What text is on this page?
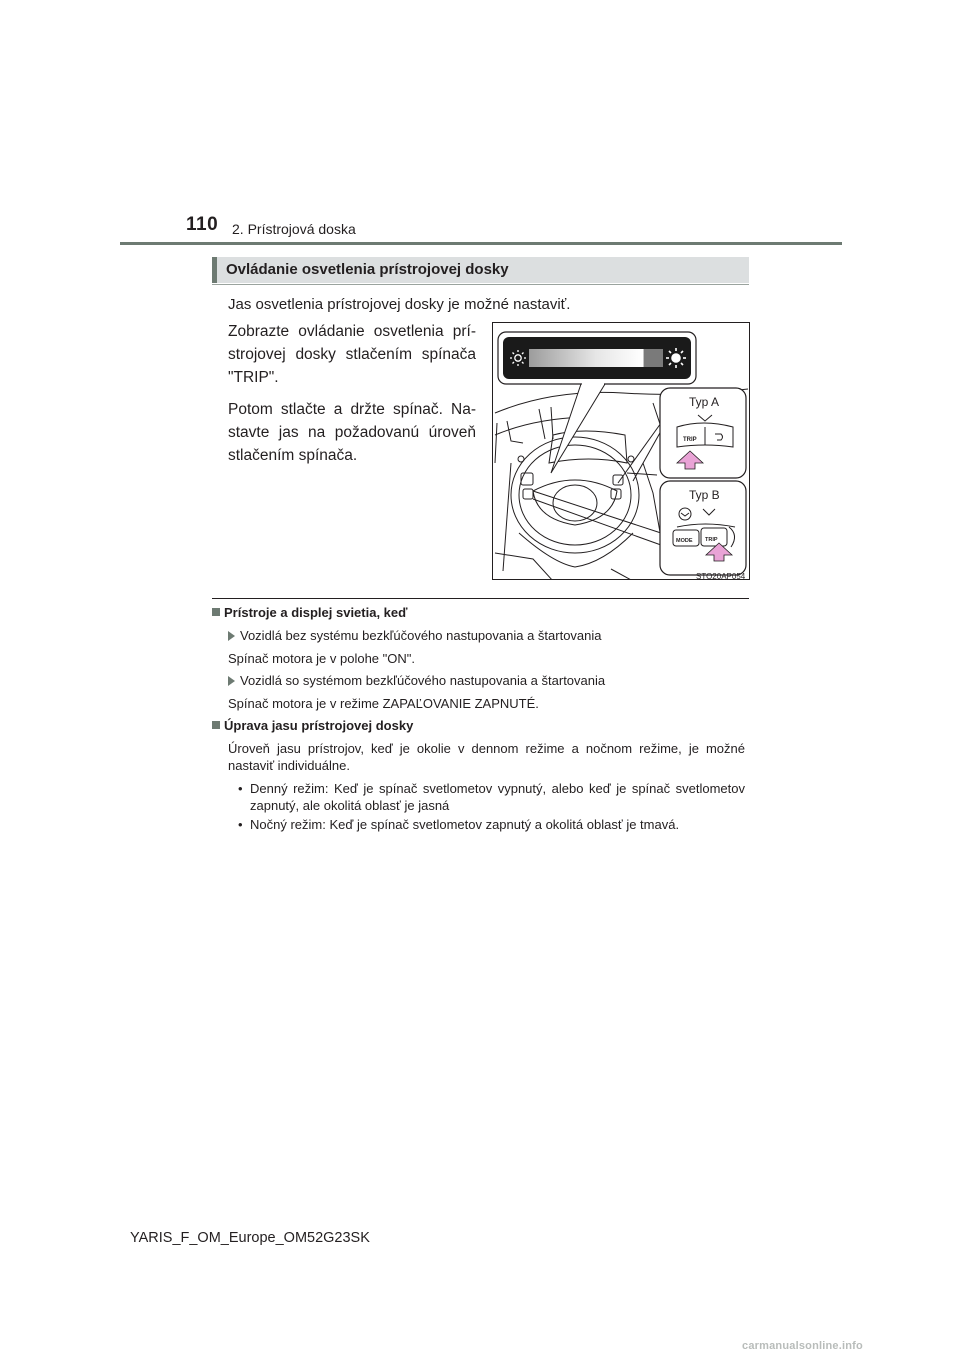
110 2. Prístrojová doska
Ovládanie osvetlenia prístrojovej dosky
Jas osvetlenia prístrojovej dosky je možné nastaviť.

Zobrazte ovládanie osvetlenia prí-strojovej dosky stlačením spínača "TRIP".

Potom stlačte a držte spínač. Na-stavte jas na požadovanú úroveň stlačením spínača.

Typ A
TRIP
Typ B
MODE TRIP
STO20AP054
Prístroje a displej svietia, keď
Vozidlá bez systému bezkľúčového nastupovania a štartovania
Spínač motora je v polohe "ON".
Vozidlá so systémom bezkľúčového nastupovania a štartovania
Spínač motora je v režime ZAPAĽOVANIE ZAPNUTÉ.
Úprava jasu prístrojovej dosky
Úroveň jasu prístrojov, keď je okolie v dennom režime a nočnom režime, je možné nastaviť individuálne.
• Denný režim: Keď je spínač svetlometov vypnutý, alebo keď je spínač svetlometov zapnutý, ale okolitá oblasť je jasná
• Nočný režim: Keď je spínač svetlometov zapnutý a okolitá oblasť je tmavá.
YARIS_F_OM_Europe_OM52G23SK
carmanualsonline.info
